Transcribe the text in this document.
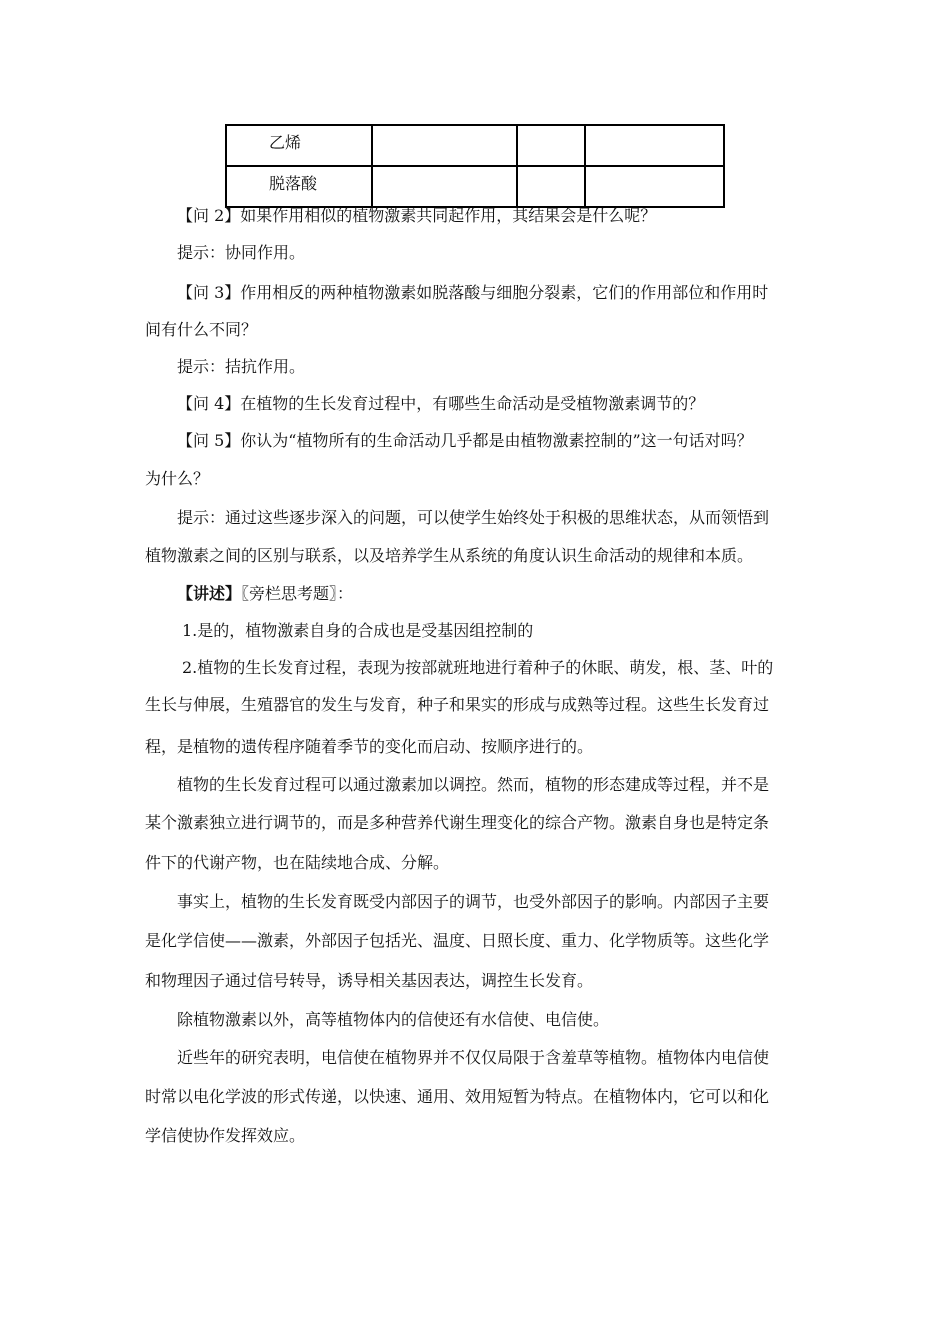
乙烯			
脱落酸			
【问 2】如果作用相似的植物激素共同起作用，其结果会是什么呢？
提示：协同作用。
【问 3】作用相反的两种植物激素如脱落酸与细胞分裂素，它们的作用部位和作用时
间有什么不同？
提示：拮抗作用。
【问 4】在植物的生长发育过程中，有哪些生命活动是受植物激素调节的？
【问 5】你认为“植物所有的生命活动几乎都是由植物激素控制的”这一句话对吗？
为什么？
提示：通过这些逐步深入的问题，可以使学生始终处于积极的思维状态，从而领悟到
植物激素之间的区别与联系，以及培养学生从系统的角度认识生命活动的规律和本质。
【讲述】〖旁栏思考题〗：
1.是的，植物激素自身的合成也是受基因组控制的
2.植物的生长发育过程，表现为按部就班地进行着种子的休眠、萌发，根、茎、叶的
生长与伸展，生殖器官的发生与发育，种子和果实的形成与成熟等过程。这些生长发育过
程，是植物的遗传程序随着季节的变化而启动、按顺序进行的。
植物的生长发育过程可以通过激素加以调控。然而，植物的形态建成等过程，并不是
某个激素独立进行调节的，而是多种营养代谢生理变化的综合产物。激素自身也是特定条
件下的代谢产物，也在陆续地合成、分解。
事实上，植物的生长发育既受内部因子的调节，也受外部因子的影响。内部因子主要
是化学信使——激素，外部因子包括光、温度、日照长度、重力、化学物质等。这些化学
和物理因子通过信号转导，诱导相关基因表达，调控生长发育。
除植物激素以外，高等植物体内的信使还有水信使、电信使。
近些年的研究表明，电信使在植物界并不仅仅局限于含羞草等植物。植物体内电信使
时常以电化学波的形式传递，以快速、通用、效用短暂为特点。在植物体内，它可以和化
学信使协作发挥效应。
